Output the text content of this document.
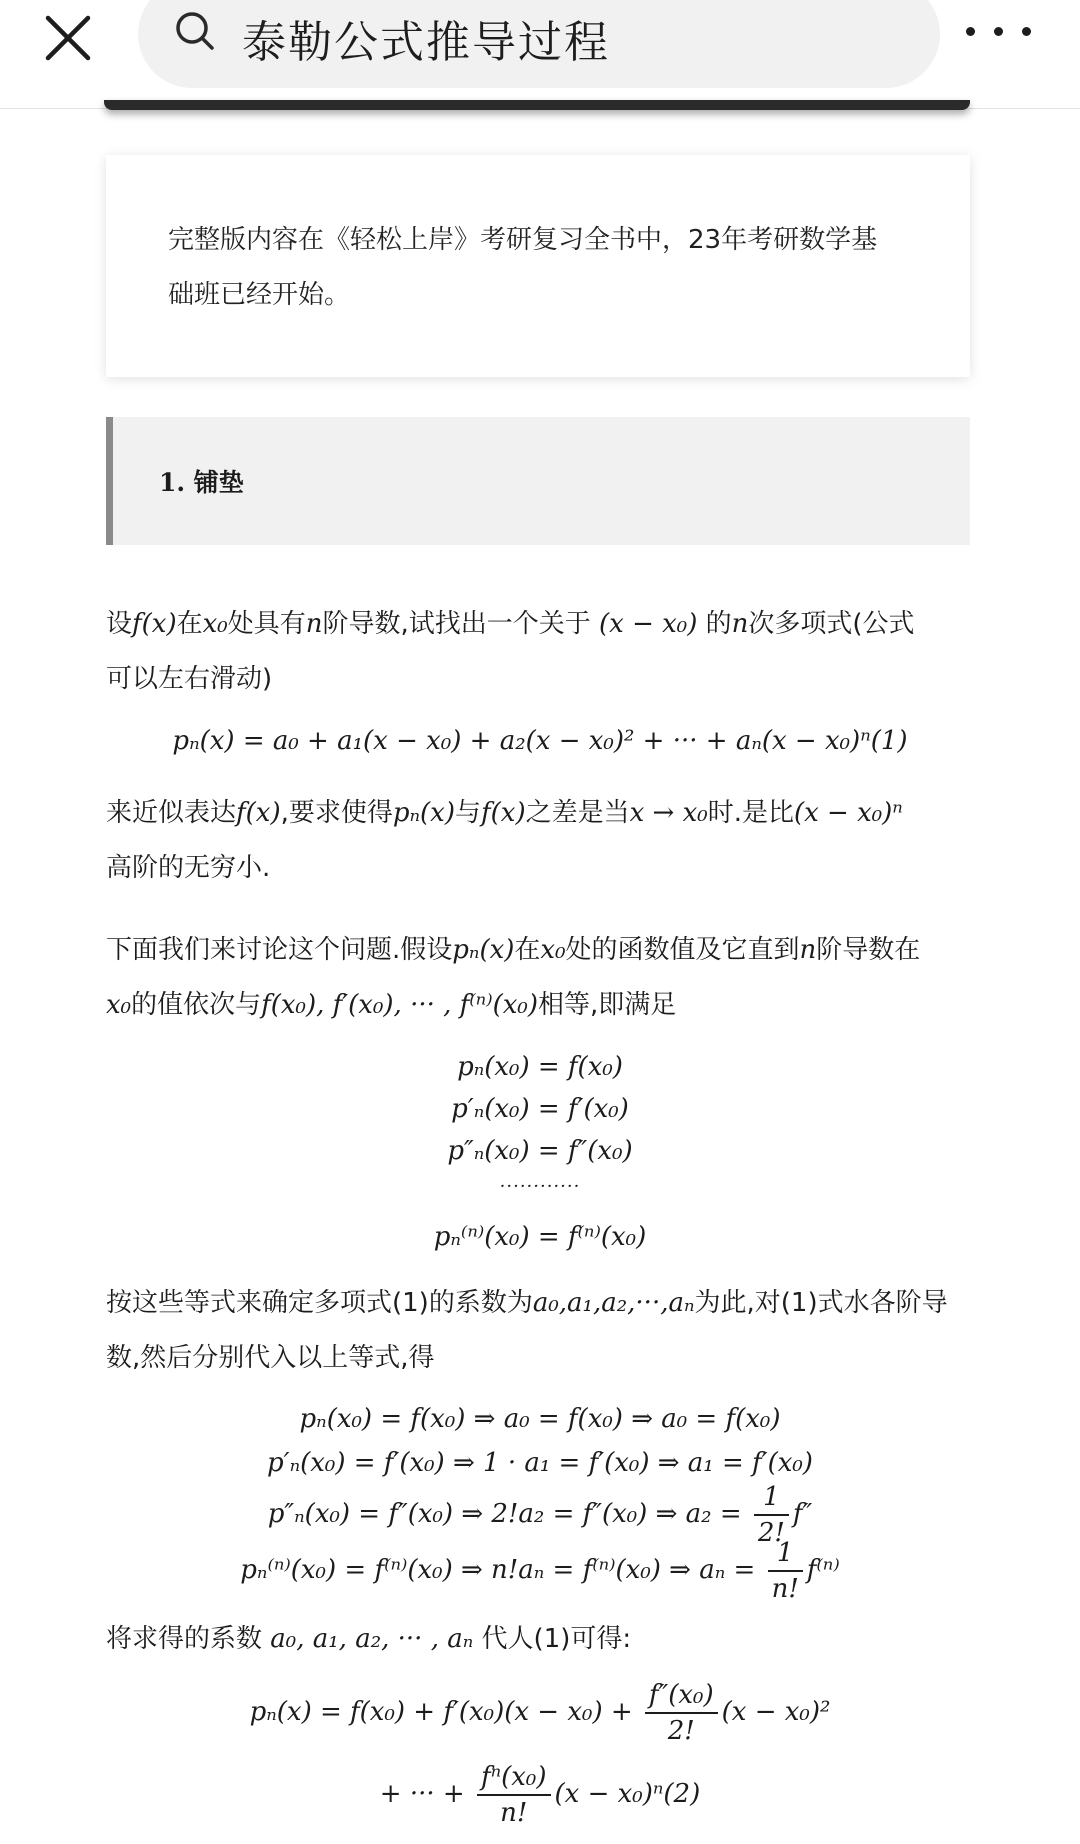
泰勒公式推导过程
完整版内容在《轻松上岸》考研复习全书中，23年考研数学基
础班已经开始。
1. 铺垫
设f(x)在x₀处具有n阶导数,试找出一个关于 (x − x₀) 的n次多项式(公式
可以左右滑动)
pₙ(x) = a₀ + a₁(x − x₀) + a₂(x − x₀)² + ··· + aₙ(x − x₀)ⁿ(1)
来近似表达f(x),要求使得pₙ(x)与f(x)之差是当x → x₀时.是比(x − x₀)ⁿ
高阶的无穷小.
下面我们来讨论这个问题.假设pₙ(x)在x₀处的函数值及它直到n阶导数在
x₀的值依次与f(x₀), f′(x₀), ··· , f⁽ⁿ⁾(x₀)相等,即满足
pₙ(x₀) = f(x₀)
p′ₙ(x₀) = f′(x₀)
p″ₙ(x₀) = f″(x₀)
············
pₙ⁽ⁿ⁾(x₀) = f⁽ⁿ⁾(x₀)
按这些等式来确定多项式(1)的系数为a₀,a₁,a₂,···,aₙ为此,对(1)式水各阶导
数,然后分别代入以上等式,得
pₙ(x₀) = f(x₀) ⇒ a₀ = f(x₀) ⇒ a₀ = f(x₀)
p′ₙ(x₀) = f′(x₀) ⇒ 1 · a₁ = f′(x₀) ⇒ a₁ = f′(x₀)
p″ₙ(x₀) = f″(x₀) ⇒ 2!a₂ = f″(x₀) ⇒ $a_2 = \frac{1}{2!} f''$
pₙ⁽ⁿ⁾(x₀) = f⁽ⁿ⁾(x₀) ⇒ n!aₙ = f⁽ⁿ⁾(x₀) ⇒ $a_n = \frac{1}{n!} f^{(n)}$
将求得的系数 a₀, a₁, a₂, ··· , aₙ 代人(1)可得:
$p_n(x) = f(x_0) + f'(x_0)(x - x_0) + \frac{\text{f″(x₀)}}{2!} (x - x_0)^2$
+ ··· + $\frac{\text{fⁿ(x₀)}}{n!} (x - x_0)^n(2)$
